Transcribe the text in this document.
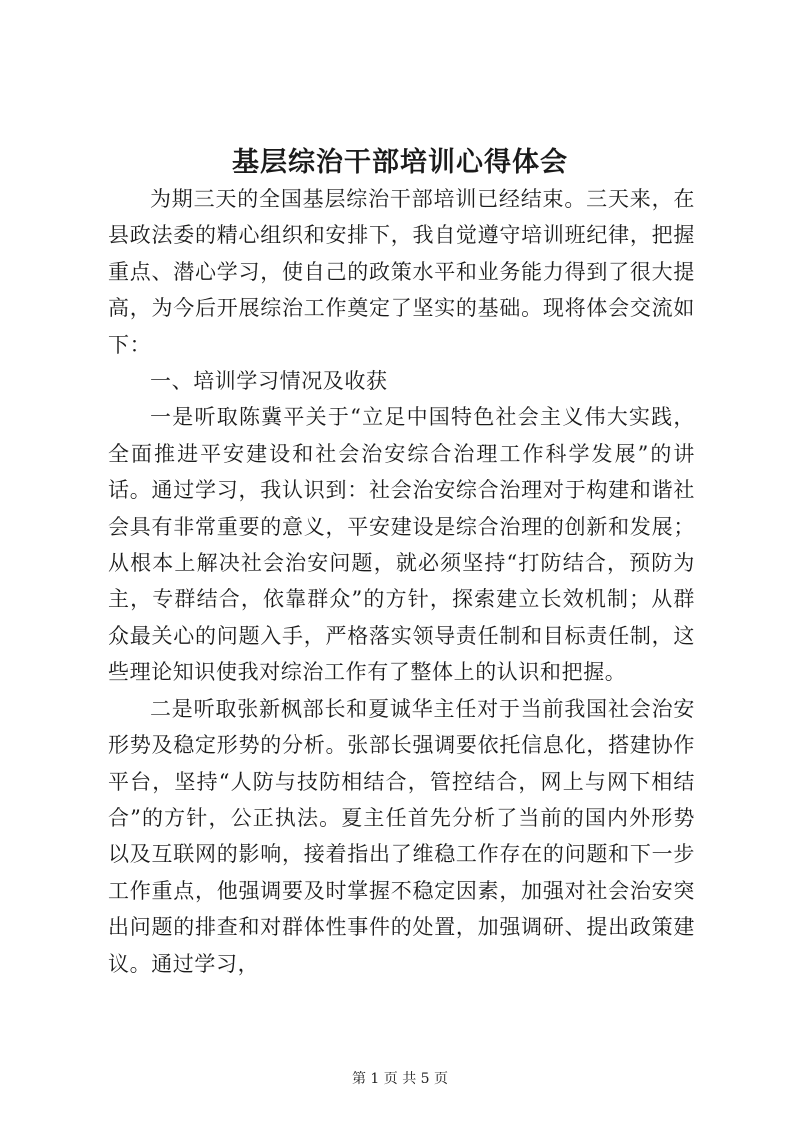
基层综治干部培训心得体会

为期三天的全国基层综治干部培训已经结束。三天来，在县政法委的精心组织和安排下，我自觉遵守培训班纪律，把握重点、潜心学习，使自己的政策水平和业务能力得到了很大提高，为今后开展综治工作奠定了坚实的基础。现将体会交流如下：

一、培训学习情况及收获

一是听取陈冀平关于“立足中国特色社会主义伟大实践，全面推进平安建设和社会治安综合治理工作科学发展”的讲话。通过学习，我认识到：社会治安综合治理对于构建和谐社会具有非常重要的意义，平安建设是综合治理的创新和发展；从根本上解决社会治安问题，就必须坚持“打防结合，预防为主，专群结合，依靠群众”的方针，探索建立长效机制；从群众最关心的问题入手，严格落实领导责任制和目标责任制，这些理论知识使我对综治工作有了整体上的认识和把握。

二是听取张新枫部长和夏诚华主任对于当前我国社会治安形势及稳定形势的分析。张部长强调要依托信息化，搭建协作平台，坚持“人防与技防相结合，管控结合，网上与网下相结合”的方针，公正执法。夏主任首先分析了当前的国内外形势以及互联网的影响，接着指出了维稳工作存在的问题和下一步工作重点，他强调要及时掌握不稳定因素，加强对社会治安突出问题的排查和对群体性事件的处置，加强调研、提出政策建议。通过学习，

第 1 页 共 5 页
